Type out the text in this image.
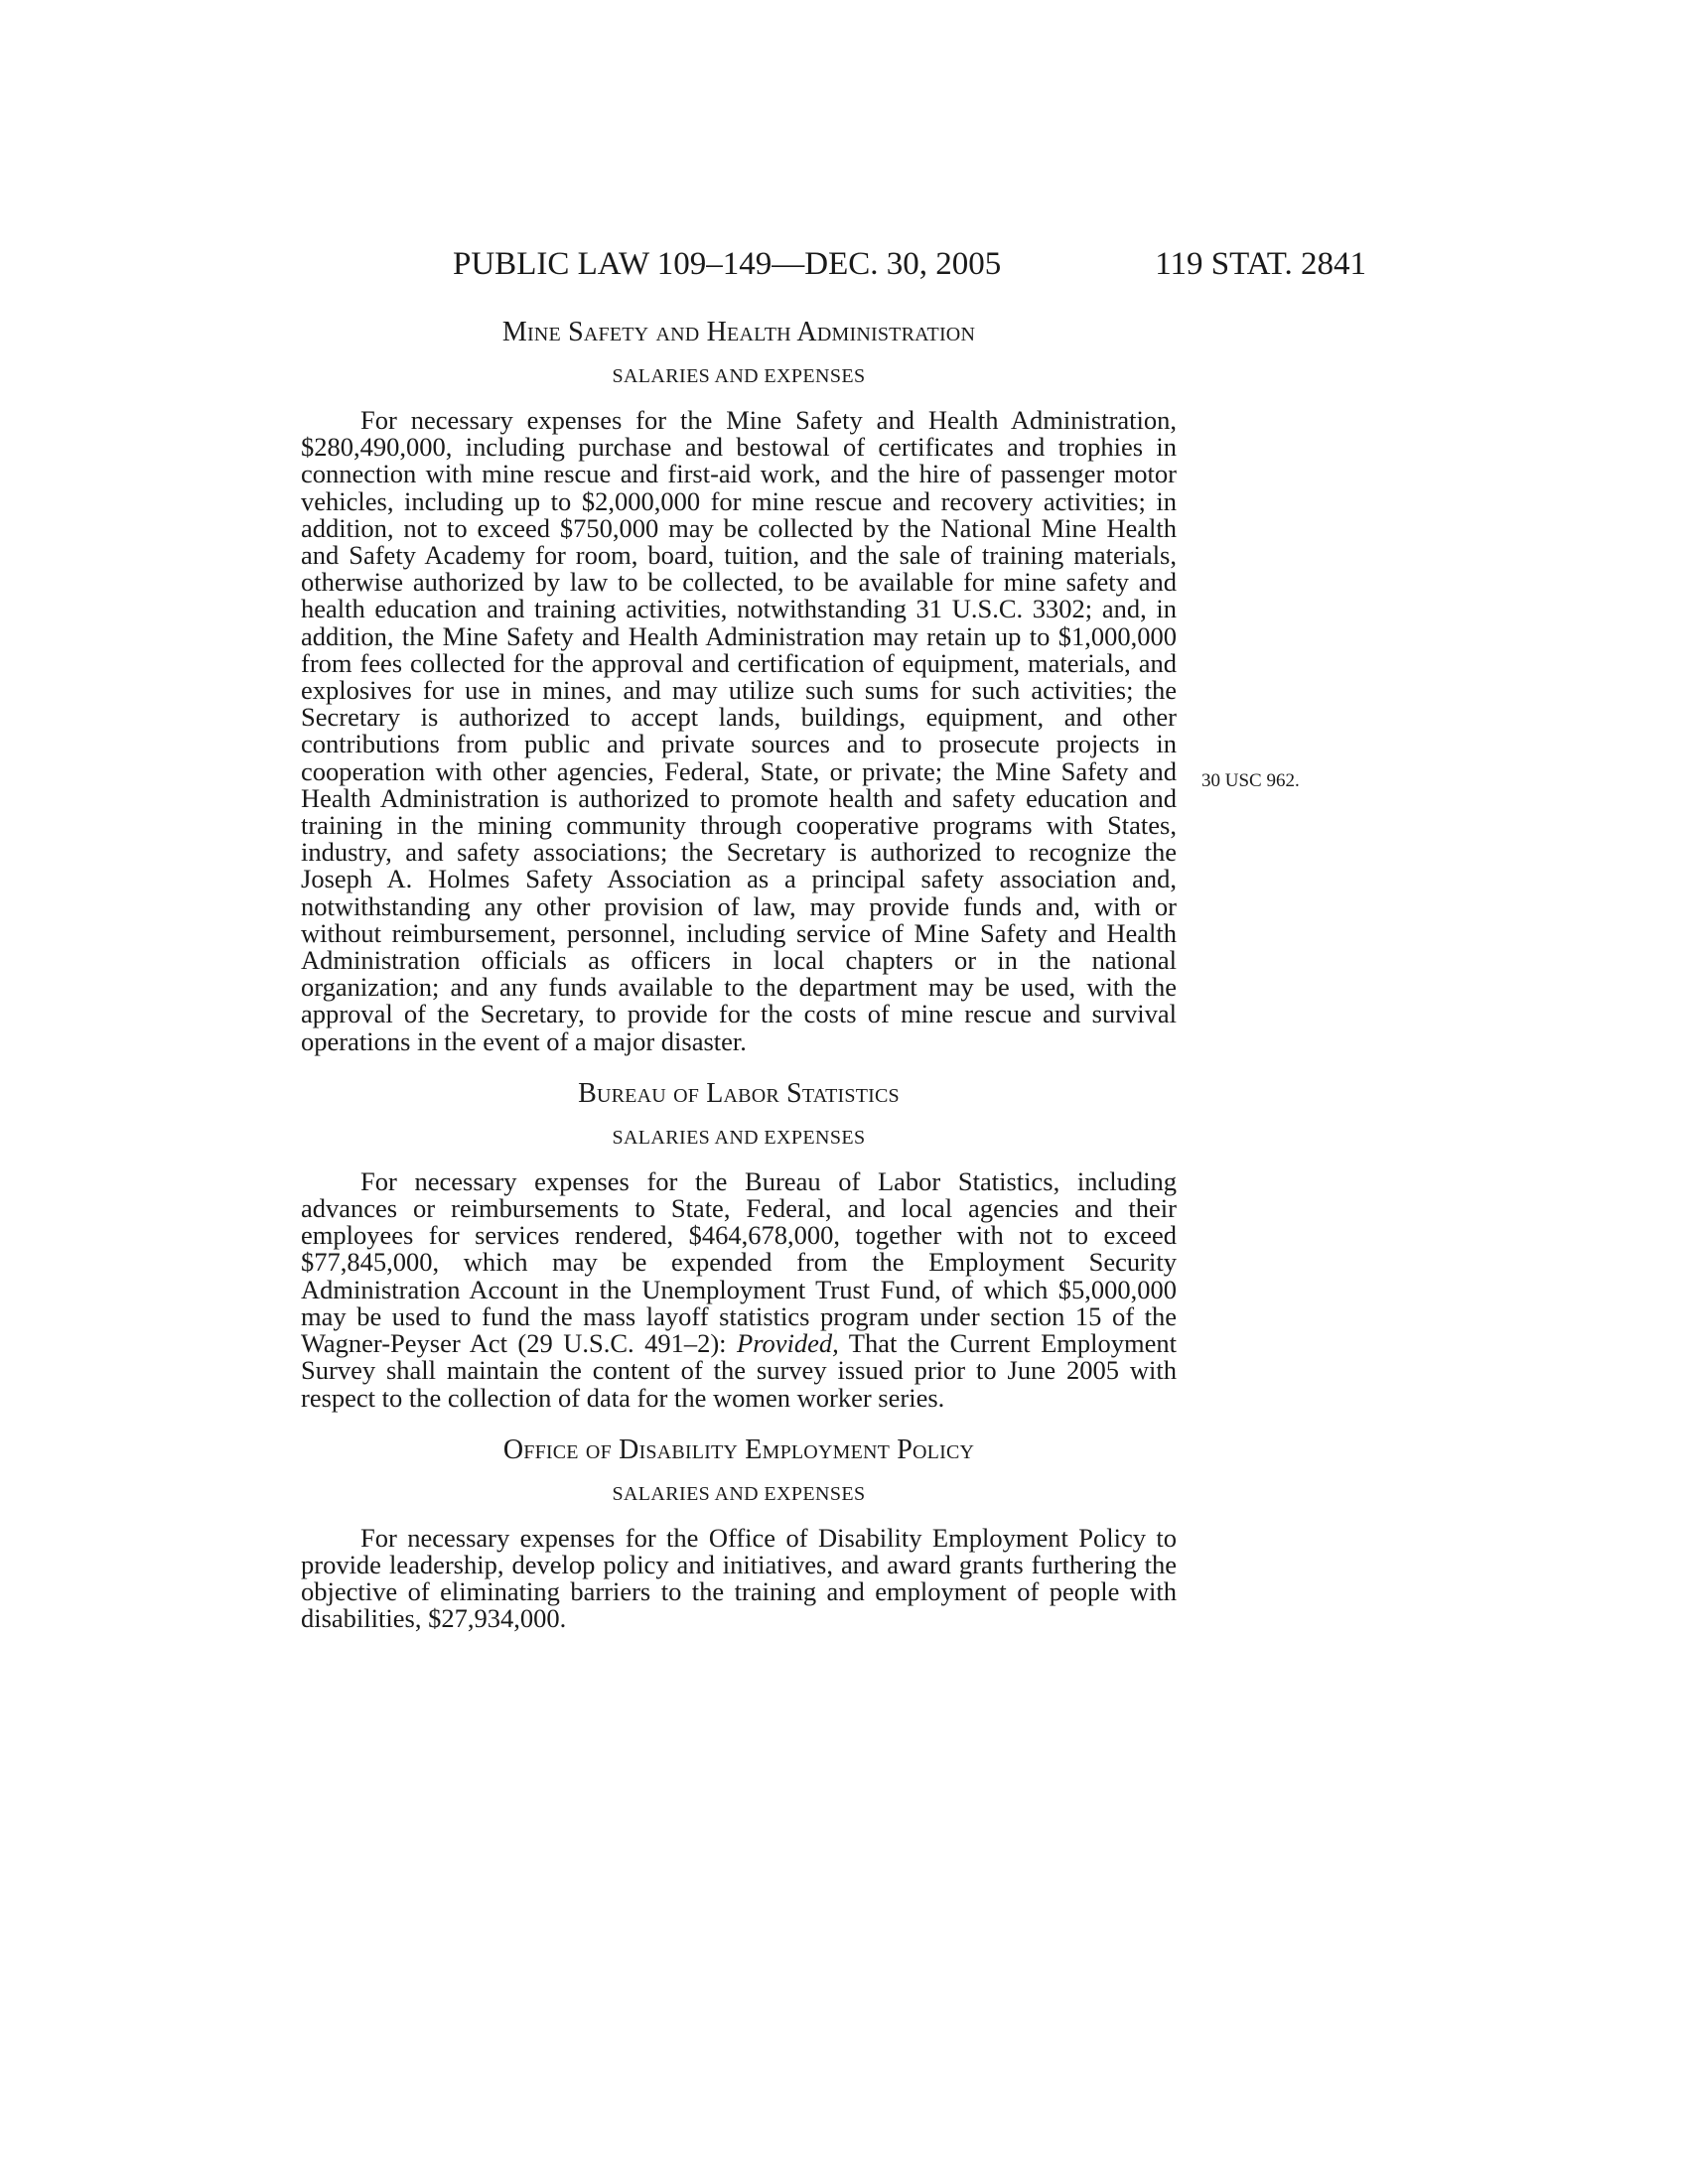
PUBLIC LAW 109–149—DEC. 30, 2005	119 STAT. 2841
Mine Safety and Health Administration
SALARIES AND EXPENSES

For necessary expenses for the Mine Safety and Health Administration, $280,490,000, including purchase and bestowal of certificates and trophies in connection with mine rescue and first-aid work, and the hire of passenger motor vehicles, including up to $2,000,000 for mine rescue and recovery activities; in addition, not to exceed $750,000 may be collected by the National Mine Health and Safety Academy for room, board, tuition, and the sale of training materials, otherwise authorized by law to be collected, to be available for mine safety and health education and training activities, notwithstanding 31 U.S.C. 3302; and, in addition, the Mine Safety and Health Administration may retain up to $1,000,000 from fees collected for the approval and certification of equipment, materials, and explosives for use in mines, and may utilize such sums for such activities; the Secretary is authorized to accept lands, buildings, equipment, and other contributions from public and private sources and to prosecute projects in cooperation with other agencies, Federal, State, or private; the Mine Safety and Health Administration is authorized to promote health and safety education and training in the mining community through cooperative programs with States, industry, and safety associations; the Secretary is authorized to recognize the Joseph A. Holmes Safety Association as a principal safety association and, notwithstanding any other provision of law, may provide funds and, with or without reimbursement, personnel, including service of Mine Safety and Health Administration officials as officers in local chapters or in the national organization; and any funds available to the department may be used, with the approval of the Secretary, to provide for the costs of mine rescue and survival operations in the event of a major disaster.

Bureau of Labor Statistics
SALARIES AND EXPENSES

For necessary expenses for the Bureau of Labor Statistics, including advances or reimbursements to State, Federal, and local agencies and their employees for services rendered, $464,678,000, together with not to exceed $77,845,000, which may be expended from the Employment Security Administration Account in the Unemployment Trust Fund, of which $5,000,000 may be used to fund the mass layoff statistics program under section 15 of the Wagner-Peyser Act (29 U.S.C. 491–2): Provided, That the Current Employment Survey shall maintain the content of the survey issued prior to June 2005 with respect to the collection of data for the women worker series.

Office of Disability Employment Policy
SALARIES AND EXPENSES

For necessary expenses for the Office of Disability Employment Policy to provide leadership, develop policy and initiatives, and award grants furthering the objective of eliminating barriers to the training and employment of people with disabilities, $27,934,000.

30 USC 962.
